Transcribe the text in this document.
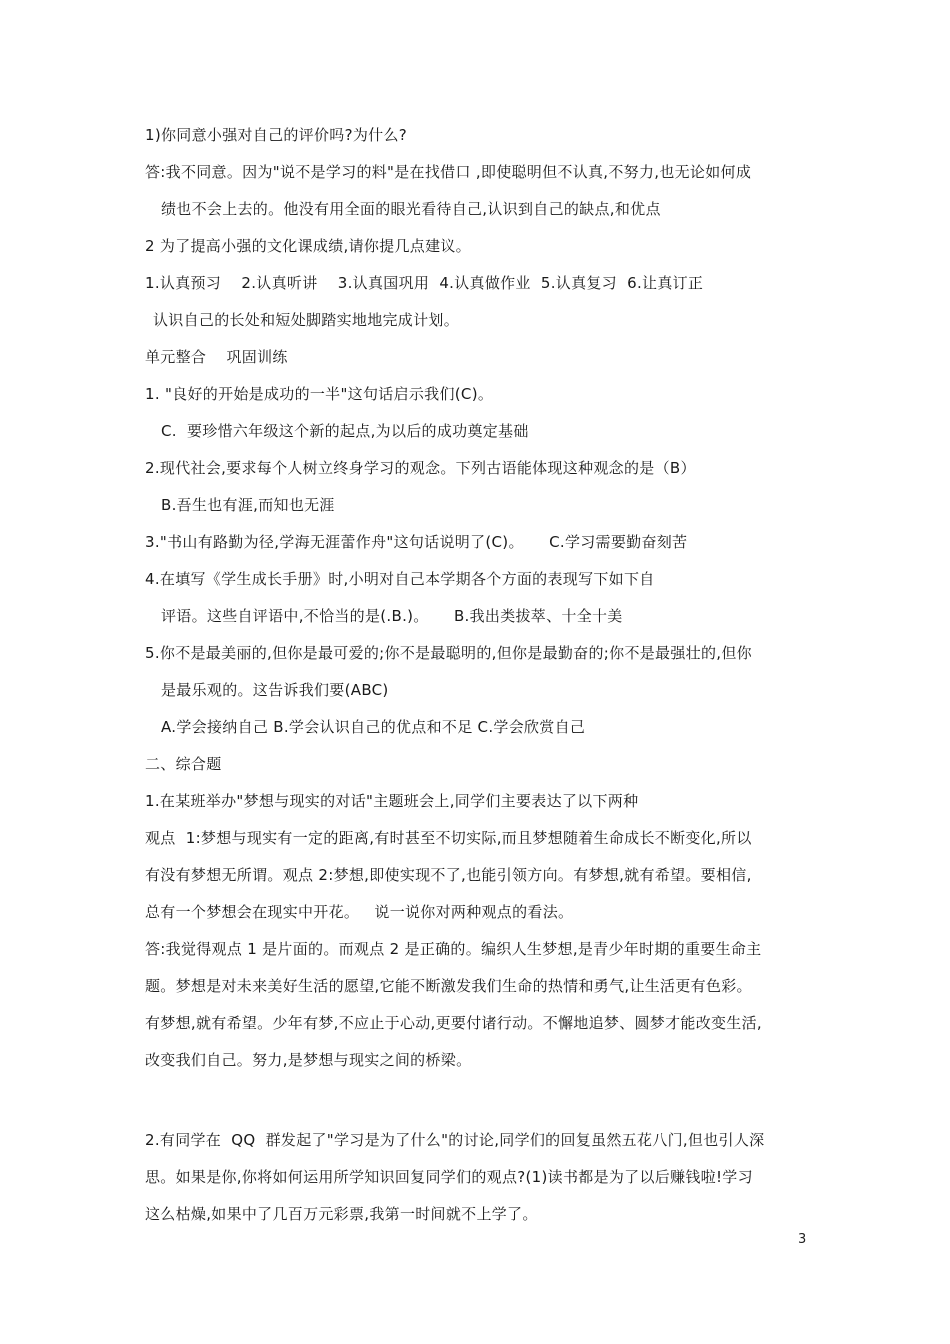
1)你同意小强对自己的评价吗?为什么?
答:我不同意。因为"说不是学习的料"是在找借口 ,即使聪明但不认真,不努力,也无论如何成
绩也不会上去的。他没有用全面的眼光看待自己,认识到自己的缺点,和优点
2 为了提高小强的文化课成绩,请你提几点建议。
1.认真预习    2.认真听讲    3.认真国巩用  4.认真做作业  5.认真复习  6.让真订正
认识自己的长处和短处脚踏实地地完成计划。
单元整合    巩固训练
1. "良好的开始是成功的一半"这句话启示我们(C)。
C.  要珍惜六年级这个新的起点,为以后的成功奠定基础
2.现代社会,要求每个人树立终身学习的观念。下列古语能体现这种观念的是（B）
B.吾生也有涯,而知也无涯
3."书山有路勤为径,学海无涯蕾作舟"这句话说明了(C)。     C.学习需要勤奋刻苦
4.在填写《学生成长手册》时,小明对自己本学期各个方面的表现写下如下自
评语。这些自评语中,不恰当的是(.B.)。     B.我出类拔萃、十全十美
5.你不是最美丽的,但你是最可爱的;你不是最聪明的,但你是最勤奋的;你不是最强壮的,但你
是最乐观的。这告诉我们要(ABC)
A.学会接纳自己 B.学会认识自己的优点和不足 C.学会欣赏自己
二、综合题
1.在某班举办"梦想与现实的对话"主题班会上,同学们主要表达了以下两种
观点  1:梦想与现实有一定的距离,有时甚至不切实际,而且梦想随着生命成长不断变化,所以
有没有梦想无所谓。观点 2:梦想,即使实现不了,也能引领方向。有梦想,就有希望。要相信,
总有一个梦想会在现实中开花。   说一说你对两种观点的看法。
答:我觉得观点 1 是片面的。而观点 2 是正确的。编织人生梦想,是青少年时期的重要生命主
题。梦想是对未来美好生活的愿望,它能不断激发我们生命的热情和勇气,让生活更有色彩。
有梦想,就有希望。少年有梦,不应止于心动,更要付诸行动。不懈地追梦、圆梦才能改变生活,
改变我们自己。努力,是梦想与现实之间的桥梁。
2.有同学在  QQ  群发起了"学习是为了什么"的讨论,同学们的回复虽然五花八门,但也引人深
思。如果是你,你将如何运用所学知识回复同学们的观点?(1)读书都是为了以后赚钱啦!学习
这么枯燥,如果中了几百万元彩票,我第一时间就不上学了。
3
